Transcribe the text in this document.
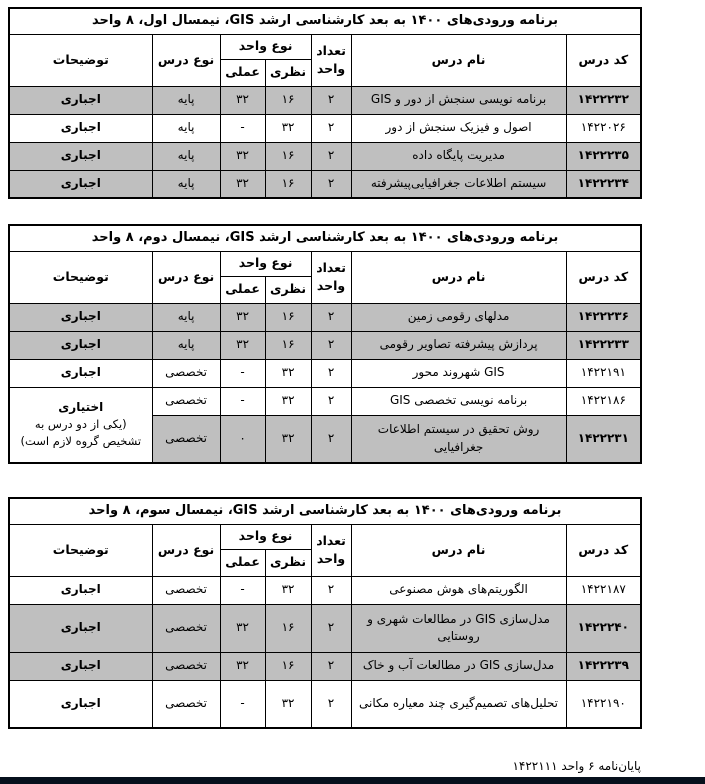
برنامه ورودی‌های ۱۴۰۰ به بعد کارشناسی ارشد GIS، نیمسال اول، ۸ واحد						
کد درس	نام درس	تعداد واحد	نوع واحد		نوع درس	توضیحات
			نظری	عملی		
۱۴۲۲۲۳۲	برنامه نویسی سنجش از دور و GIS	۲	۱۶	۳۲	پایه	اجباری
۱۴۲۲۰۲۶	اصول و فیزیک سنجش از دور	۲	۳۲	-	پایه	اجباری
۱۴۲۲۲۳۵	مدیریت پایگاه داده	۲	۱۶	۳۲	پایه	اجباری
۱۴۲۲۲۳۴	سیستم اطلاعات جغرافیایی‌پیشرفته	۲	۱۶	۳۲	پایه	اجباری
برنامه ورودی‌های ۱۴۰۰ به بعد کارشناسی ارشد GIS، نیمسال دوم، ۸ واحد						
کد درس	نام درس	تعداد واحد	نوع واحد		نوع درس	توضیحات
			نظری	عملی		
۱۴۲۲۲۳۶	مدلهای رقومی زمین	۲	۱۶	۳۲	پایه	اجباری
۱۴۲۲۲۳۳	پردازش پیشرفته تصاویر رقومی	۲	۱۶	۳۲	پایه	اجباری
۱۴۲۲۱۹۱	GIS شهروند محور	۲	۳۲	-	تخصصی	اجباری
۱۴۲۲۱۸۶	برنامه نویسی تخصصی GIS	۲	۳۲	-	تخصصی	اختیاری
(یکی از دو درس به تشخیص گروه لازم است)

۱۴۲۲۲۳۱	روش تحقیق در سیستم اطلاعات جغرافیایی	۲	۳۲	۰	تخصصی	
برنامه ورودی‌های ۱۴۰۰ به بعد کارشناسی ارشد GIS، نیمسال سوم، ۸ واحد						
کد درس	نام درس	تعداد واحد	نوع واحد		نوع درس	توضیحات
			نظری	عملی		
۱۴۲۲۱۸۷	الگوریتم‌های هوش مصنوعی	۲	۳۲	-	تخصصی	اجباری
۱۴۲۲۲۴۰	مدل‌سازی GIS در مطالعات شهری و روستایی	۲	۱۶	۳۲	تخصصی	اجباری
۱۴۲۲۲۳۹	مدل‌سازی GIS در مطالعات آب و خاک	۲	۱۶	۳۲	تخصصی	اجباری
۱۴۲۲۱۹۰	تحلیل‌های تصمیم‌گیری چند معیاره مکانی	۲	۳۲	-	تخصصی	اجباری
پایان‌نامه ۶ واحد ۱۴۲۲۱۱۱
